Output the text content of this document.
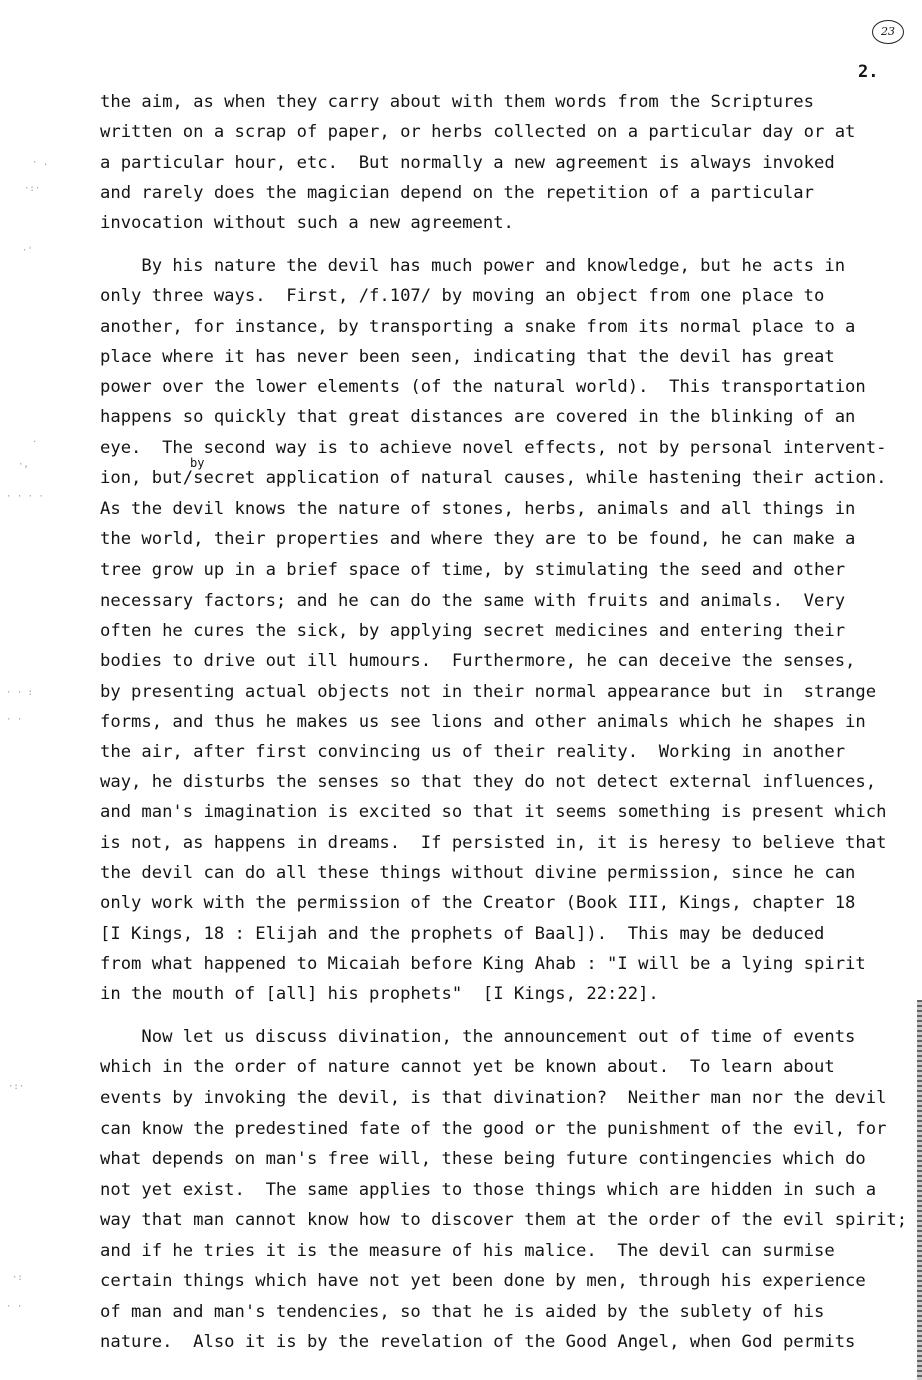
23
2.
by
the aim, as when they carry about with them words from the Scriptures
written on a scrap of paper, or herbs collected on a particular day or at
a particular hour, etc.  But normally a new agreement is always invoked
and rarely does the magician depend on the repetition of a particular
invocation without such a new agreement.
By his nature the devil has much power and knowledge, but he acts in
only three ways.  First, /f.107/ by moving an object from one place to
another, for instance, by transporting a snake from its normal place to a
place where it has never been seen, indicating that the devil has great
power over the lower elements (of the natural world).  This transportation
happens so quickly that great distances are covered in the blinking of an
eye.  The second way is to achieve novel effects, not by personal intervent-
ion, but/secret application of natural causes, while hastening their action.
As the devil knows the nature of stones, herbs, animals and all things in
the world, their properties and where they are to be found, he can make a
tree grow up in a brief space of time, by stimulating the seed and other
necessary factors; and he can do the same with fruits and animals.  Very
often he cures the sick, by applying secret medicines and entering their
bodies to drive out ill humours.  Furthermore, he can deceive the senses,
by presenting actual objects not in their normal appearance but in  strange
forms, and thus he makes us see lions and other animals which he shapes in
the air, after first convincing us of their reality.  Working in another
way, he disturbs the senses so that they do not detect external influences,
and man's imagination is excited so that it seems something is present which
is not, as happens in dreams.  If persisted in, it is heresy to believe that
the devil can do all these things without divine permission, since he can
only work with the permission of the Creator (Book III, Kings, chapter 18
[I Kings, 18 : Elijah and the prophets of Baal]).  This may be deduced
from what happened to Micaiah before King Ahab : "I will be a lying spirit
in the mouth of [all] his prophets"  [I Kings, 22:22].
Now let us discuss divination, the announcement out of time of events
which in the order of nature cannot yet be known about.  To learn about
events by invoking the devil, is that divination?  Neither man nor the devil
can know the predestined fate of the good or the punishment of the evil, for
what depends on man's free will, these being future contingencies which do
not yet exist.  The same applies to those things which are hidden in such a
way that man cannot know how to discover them at the order of the evil spirit;
and if he tries it is the measure of his malice.  The devil can surmise
certain things which have not yet been done by men, through his experience
of man and man's tendencies, so that he is aided by the sublety of his
nature.  Also it is by the revelation of the Good Angel, when God permits
· .
·:·
·'
.
·,
· · · ·
· · :
· ·
·:·
·:
· ·
